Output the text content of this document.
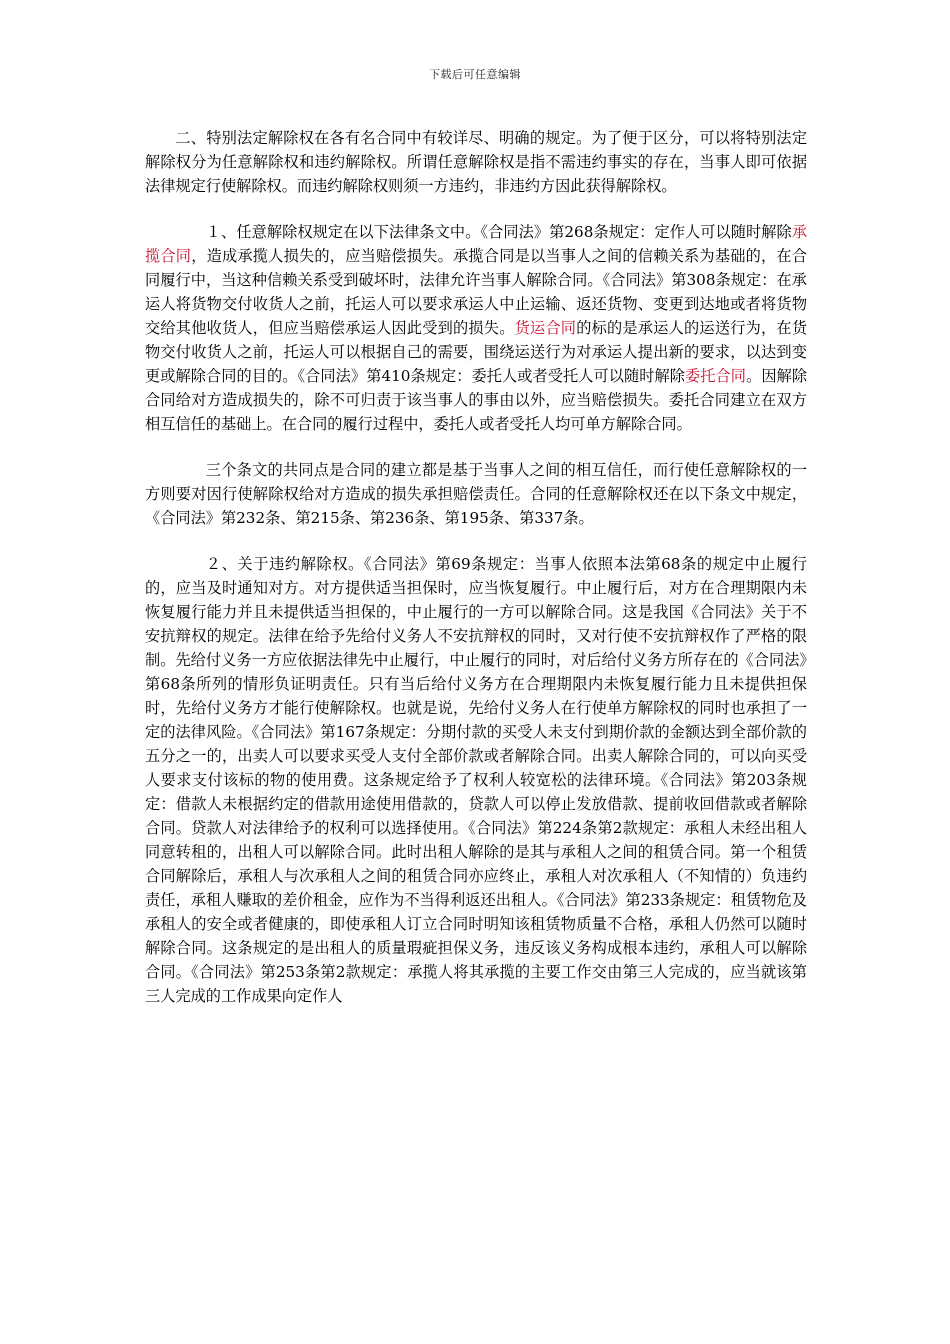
下载后可任意编辑

二、特别法定解除权在各有名合同中有较详尽、明确的规定。为了便于区分，可以将特别法定解除权分为任意解除权和违约解除权。所谓任意解除权是指不需违约事实的存在，当事人即可依据法律规定行使解除权。而违约解除权则须一方违约，非违约方因此获得解除权。

１、任意解除权规定在以下法律条文中。《合同法》第268条规定：定作人可以随时解除承揽合同，造成承揽人损失的，应当赔偿损失。承揽合同是以当事人之间的信赖关系为基础的，在合同履行中，当这种信赖关系受到破坏时，法律允许当事人解除合同。《合同法》第308条规定：在承运人将货物交付收货人之前，托运人可以要求承运人中止运输、返还货物、变更到达地或者将货物交给其他收货人，但应当赔偿承运人因此受到的损失。货运合同的标的是承运人的运送行为，在货物交付收货人之前，托运人可以根据自己的需要，围绕运送行为对承运人提出新的要求，以达到变更或解除合同的目的。《合同法》第410条规定：委托人或者受托人可以随时解除委托合同。因解除合同给对方造成损失的，除不可归责于该当事人的事由以外，应当赔偿损失。委托合同建立在双方相互信任的基础上。在合同的履行过程中，委托人或者受托人均可单方解除合同。

三个条文的共同点是合同的建立都是基于当事人之间的相互信任，而行使任意解除权的一方则要对因行使解除权给对方造成的损失承担赔偿责任。合同的任意解除权还在以下条文中规定，《合同法》第232条、第215条、第236条、第195条、第337条。

２、关于违约解除权。《合同法》第69条规定：当事人依照本法第68条的规定中止履行的，应当及时通知对方。对方提供适当担保时，应当恢复履行。中止履行后，对方在合理期限内未恢复履行能力并且未提供适当担保的，中止履行的一方可以解除合同。这是我国《合同法》关于不安抗辩权的规定。法律在给予先给付义务人不安抗辩权的同时，又对行使不安抗辩权作了严格的限制。先给付义务一方应依据法律先中止履行，中止履行的同时，对后给付义务方所存在的《合同法》第68条所列的情形负证明责任。只有当后给付义务方在合理期限内未恢复履行能力且未提供担保时，先给付义务方才能行使解除权。也就是说，先给付义务人在行使单方解除权的同时也承担了一定的法律风险。《合同法》第167条规定：分期付款的买受人未支付到期价款的金额达到全部价款的五分之一的，出卖人可以要求买受人支付全部价款或者解除合同。出卖人解除合同的，可以向买受人要求支付该标的物的使用费。这条规定给予了权利人较宽松的法律环境。《合同法》第203条规定：借款人未根据约定的借款用途使用借款的，贷款人可以停止发放借款、提前收回借款或者解除合同。贷款人对法律给予的权利可以选择使用。《合同法》第224条第2款规定：承租人未经出租人同意转租的，出租人可以解除合同。此时出租人解除的是其与承租人之间的租赁合同。第一个租赁合同解除后，承租人与次承租人之间的租赁合同亦应终止，承租人对次承租人（不知情的）负违约责任，承租人赚取的差价租金，应作为不当得利返还出租人。《合同法》第233条规定：租赁物危及承租人的安全或者健康的，即使承租人订立合同时明知该租赁物质量不合格，承租人仍然可以随时解除合同。这条规定的是出租人的质量瑕疵担保义务，违反该义务构成根本违约，承租人可以解除合同。《合同法》第253条第2款规定：承揽人将其承揽的主要工作交由第三人完成的，应当就该第三人完成的工作成果向定作人
